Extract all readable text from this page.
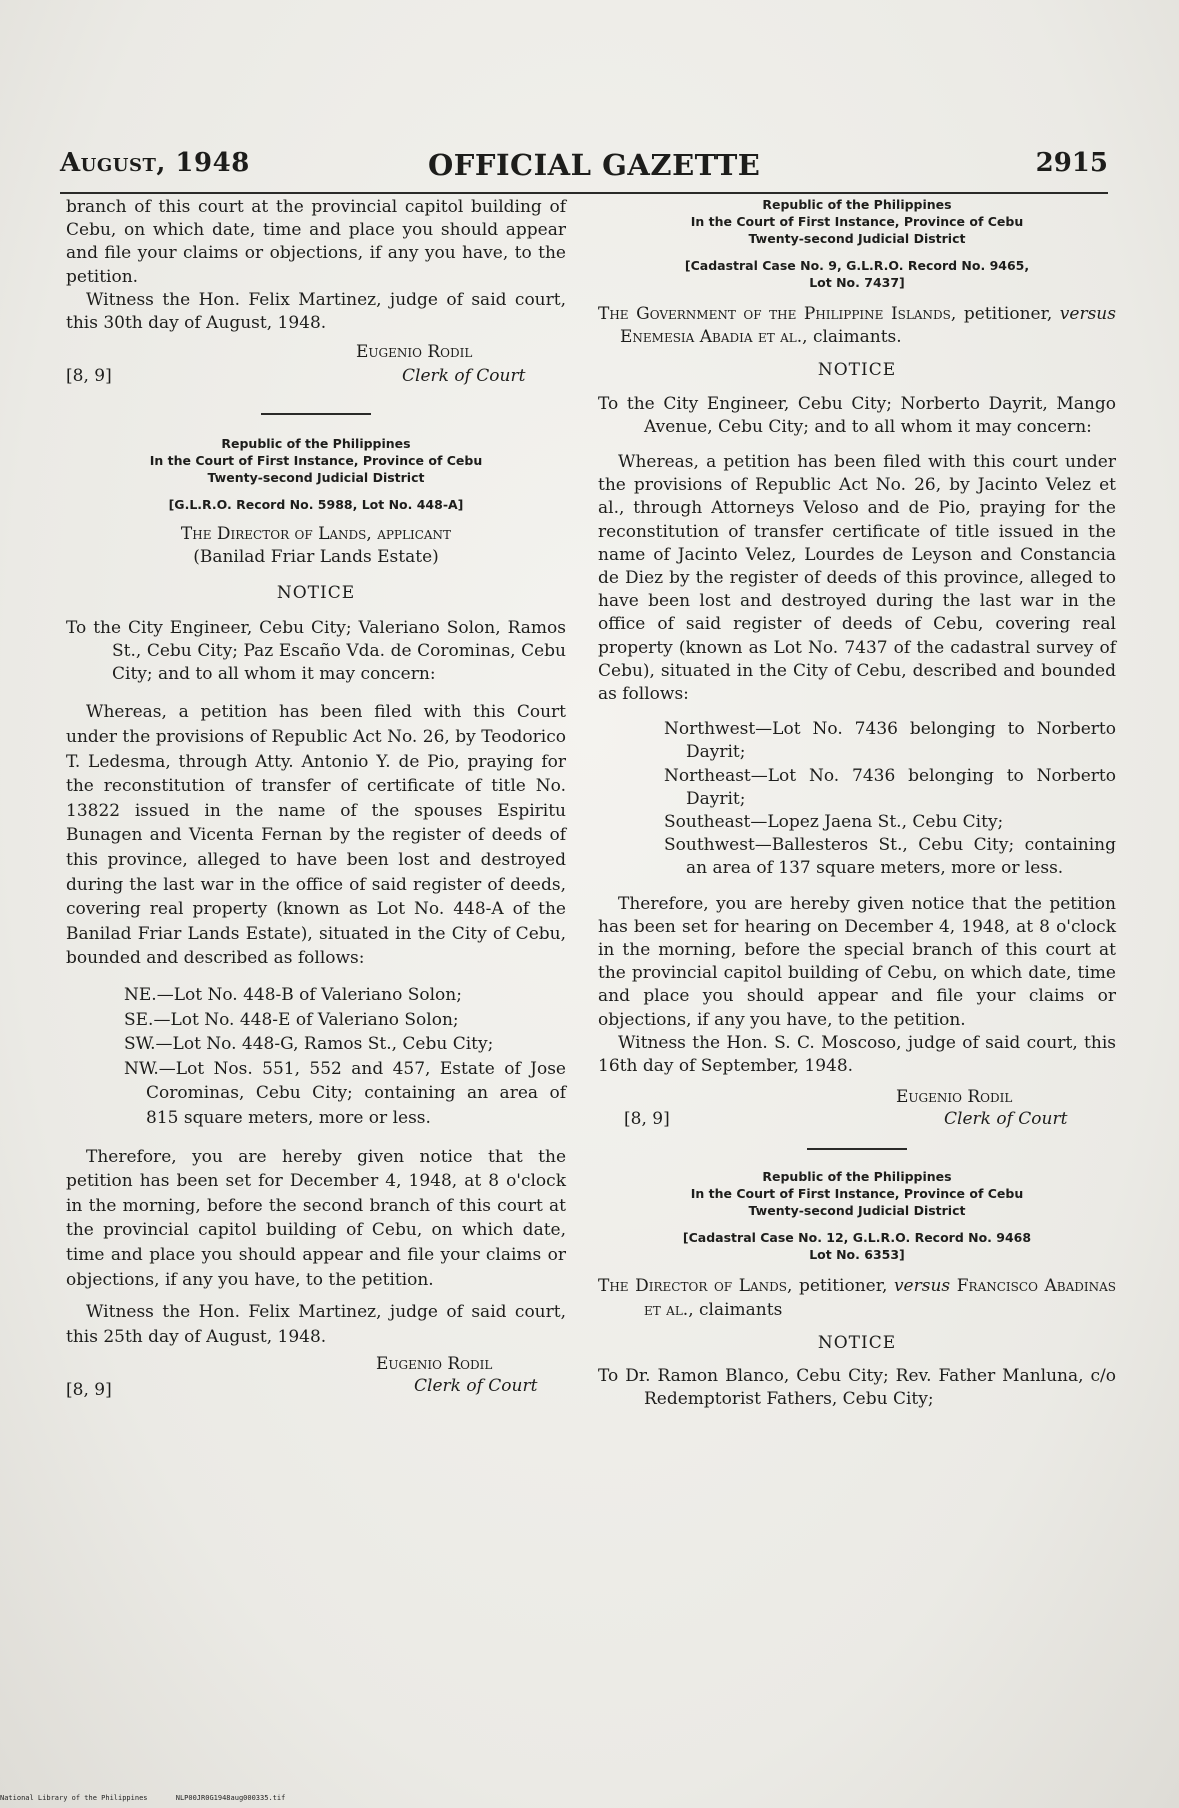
August, 1948	OFFICIAL GAZETTE	2915

branch of this court at the provincial capitol building of Cebu, on which date, time and place you should appear and file your claims or objections, if any you have, to the petition.

Witness the Hon. Felix Martinez, judge of said court, this 30th day of August, 1948.

Eugenio Rodil
Clerk of Court
[8, 9]

Republic of the Philippines

In the Court of First Instance, Province of Cebu

Twenty-second Judicial District

[G.L.R.O. Record No. 5988, Lot No. 448-A]

The Director of Lands, applicant

(Banilad Friar Lands Estate)

NOTICE

To the City Engineer, Cebu City; Valeriano Solon, Ramos St., Cebu City; Paz Escaño Vda. de Corominas, Cebu City; and to all whom it may concern:

Whereas, a petition has been filed with this Court under the provisions of Republic Act No. 26, by Teodorico T. Ledesma, through Atty. Antonio Y. de Pio, praying for the reconstitution of transfer of certificate of title No. 13822 issued in the name of the spouses Espiritu Bunagen and Vicenta Fernan by the register of deeds of this province, alleged to have been lost and destroyed during the last war in the office of said register of deeds, covering real property (known as Lot No. 448-A of the Banilad Friar Lands Estate), situated in the City of Cebu, bounded and described as follows:

NE.—Lot No. 448-B of Valeriano Solon;

SE.—Lot No. 448-E of Valeriano Solon;

SW.—Lot No. 448-G, Ramos St., Cebu City;

NW.—Lot Nos. 551, 552 and 457, Estate of Jose Corominas, Cebu City; containing an area of 815 square meters, more or less.

Therefore, you are hereby given notice that the petition has been set for December 4, 1948, at 8 o'clock in the morning, before the second branch of this court at the provincial capitol building of Cebu, on which date, time and place you should appear and file your claims or objections, if any you have, to the petition.

Witness the Hon. Felix Martinez, judge of said court, this 25th day of August, 1948.

Eugenio Rodil
Clerk of Court
[8, 9]

Republic of the Philippines

In the Court of First Instance, Province of Cebu

Twenty-second Judicial District

[Cadastral Case No. 9, G.L.R.O. Record No. 9465,

Lot No. 7437]

The Government of the Philippine Islands, petitioner, versus Enemesia Abadia et al., claimants.

NOTICE

To the City Engineer, Cebu City; Norberto Dayrit, Mango Avenue, Cebu City; and to all whom it may concern:

Whereas, a petition has been filed with this court under the provisions of Republic Act No. 26, by Jacinto Velez et al., through Attorneys Veloso and de Pio, praying for the reconstitution of transfer certificate of title issued in the name of Jacinto Velez, Lourdes de Leyson and Constancia de Diez by the register of deeds of this province, alleged to have been lost and destroyed during the last war in the office of said register of deeds of Cebu, covering real property (known as Lot No. 7437 of the cadastral survey of Cebu), situated in the City of Cebu, described and bounded as follows:

Northwest—Lot No. 7436 belonging to Norberto Dayrit;

Northeast—Lot No. 7436 belonging to Norberto Dayrit;

Southeast—Lopez Jaena St., Cebu City;

Southwest—Ballesteros St., Cebu City; containing an area of 137 square meters, more or less.

Therefore, you are hereby given notice that the petition has been set for hearing on December 4, 1948, at 8 o'clock in the morning, before the special branch of this court at the provincial capitol building of Cebu, on which date, time and place you should appear and file your claims or objections, if any you have, to the petition.

Witness the Hon. S. C. Moscoso, judge of said court, this 16th day of September, 1948.

Eugenio Rodil
Clerk of Court
[8, 9]

Republic of the Philippines

In the Court of First Instance, Province of Cebu

Twenty-second Judicial District

[Cadastral Case No. 12, G.L.R.O. Record No. 9468

Lot No. 6353]

The Director of Lands, petitioner, versus Francisco Abadinas et al., claimants

NOTICE

To Dr. Ramon Blanco, Cebu City; Rev. Father Manluna, c/o Redemptorist Fathers, Cebu City;

National Library of the Philippines	NLP00JR0G1948aug000335.tif
